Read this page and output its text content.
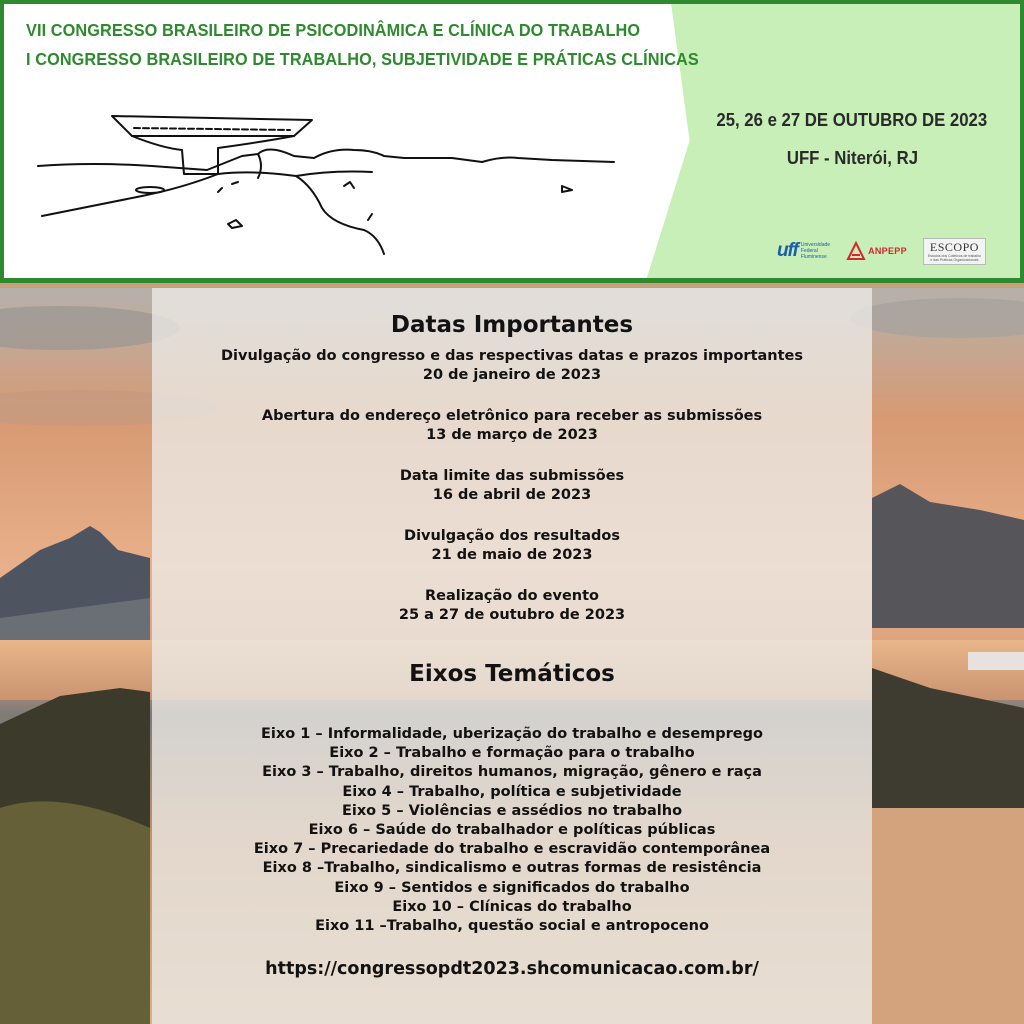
VII CONGRESSO BRASILEIRO DE PSICODINÂMICA E CLÍNICA DO TRABALHO
I CONGRESSO BRASILEIRO DE TRABALHO, SUBJETIVIDADE E PRÁTICAS CLÍNICAS
25, 26 e 27 DE OUTUBRO DE 2023
UFF - Niterói, RJ
uff Universidade
Federal
Fluminense
ANPEPP ESCOPO
Estudos dos Coletivos de trabalho
e das Práticas Organizacionais
Datas Importantes
Divulgação do congresso e das respectivas datas e prazos importantes
20 de janeiro de 2023
Abertura do endereço eletrônico para receber as submissões
13 de março de 2023
Data limite das submissões
16 de abril de 2023
Divulgação dos resultados
21 de maio de 2023
Realização do evento
25 a 27 de outubro de 2023
Eixos Temáticos
Eixo 1 – Informalidade, uberização do trabalho e desemprego
Eixo 2 – Trabalho e formação para o trabalho
Eixo 3 – Trabalho, direitos humanos, migração, gênero e raça
Eixo 4 – Trabalho, política e subjetividade
Eixo 5 – Violências e assédios no trabalho
Eixo 6 – Saúde do trabalhador e políticas públicas
Eixo 7 – Precariedade do trabalho e escravidão contemporânea
Eixo 8 –Trabalho, sindicalismo e outras formas de resistência
Eixo 9 – Sentidos e significados do trabalho
Eixo 10 – Clínicas do trabalho
Eixo 11 –Trabalho, questão social e antropoceno
https://congressopdt2023.shcomunicacao.com.br/
